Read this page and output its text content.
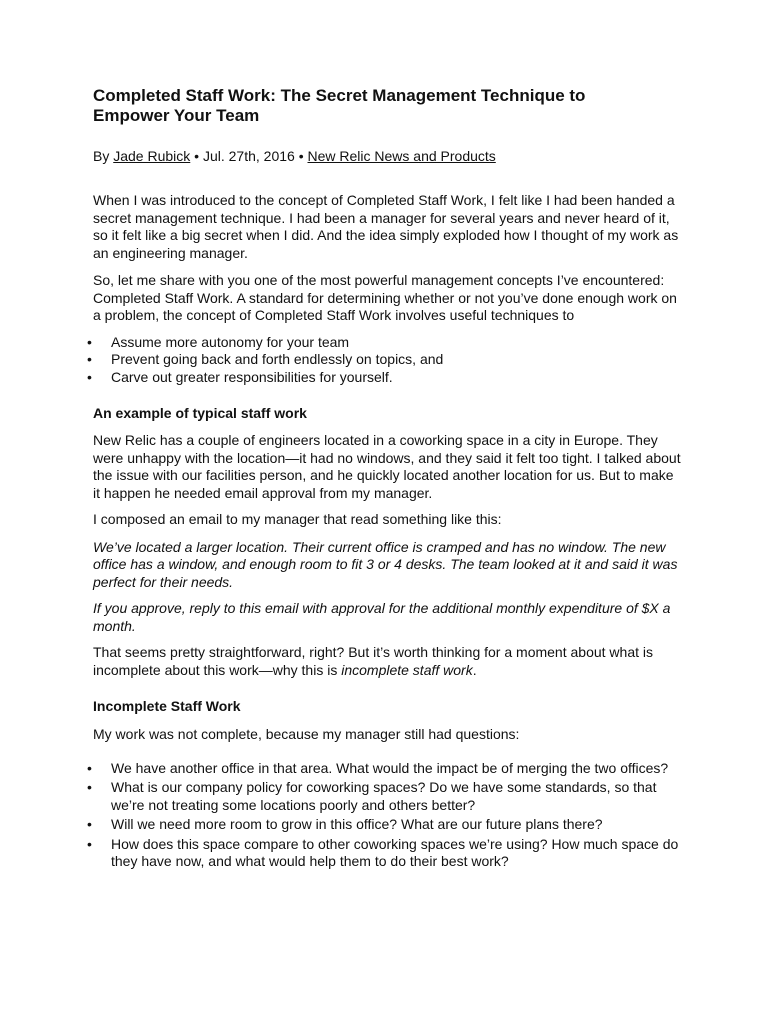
Completed Staff Work: The Secret Management Technique to Empower Your Team
By Jade Rubick • Jul. 27th, 2016 • New Relic News and Products

When I was introduced to the concept of Completed Staff Work, I felt like I had been handed a secret management technique. I had been a manager for several years and never heard of it, so it felt like a big secret when I did. And the idea simply exploded how I thought of my work as an engineering manager.

So, let me share with you one of the most powerful management concepts I’ve encountered: Completed Staff Work. A standard for determining whether or not you’ve done enough work on a problem, the concept of Completed Staff Work involves useful techniques to

• Assume more autonomy for your team
• Prevent going back and forth endlessly on topics, and
• Carve out greater responsibilities for yourself.
An example of typical staff work

New Relic has a couple of engineers located in a coworking space in a city in Europe. They were unhappy with the location—it had no windows, and they said it felt too tight. I talked about the issue with our facilities person, and he quickly located another location for us. But to make it happen he needed email approval from my manager.

I composed an email to my manager that read something like this:

We’ve located a larger location. Their current office is cramped and has no window. The new office has a window, and enough room to fit 3 or 4 desks. The team looked at it and said it was perfect for their needs.

If you approve, reply to this email with approval for the additional monthly expenditure of $X a month.

That seems pretty straightforward, right? But it’s worth thinking for a moment about what is incomplete about this work—why this is incomplete staff work.

Incomplete Staff Work

My work was not complete, because my manager still had questions:

• We have another office in that area. What would the impact be of merging the two offices?
• What is our company policy for coworking spaces? Do we have some standards, so that we’re not treating some locations poorly and others better?
• Will we need more room to grow in this office? What are our future plans there?
• How does this space compare to other coworking spaces we’re using? How much space do they have now, and what would help them to do their best work?
